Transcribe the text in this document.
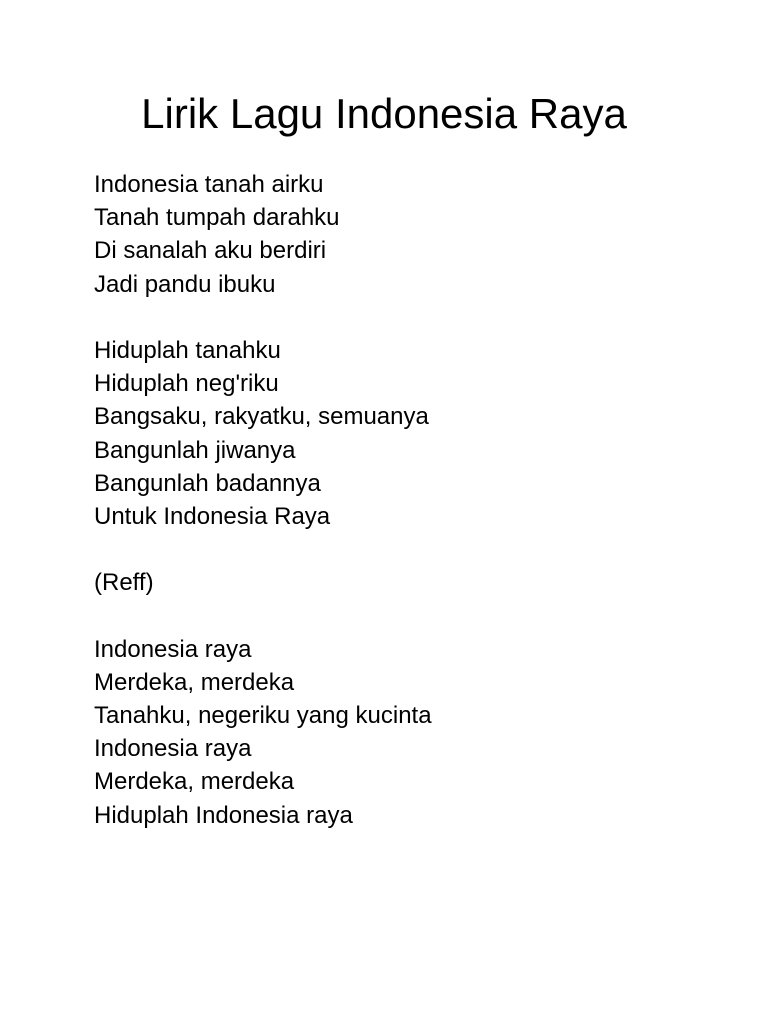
Lirik Lagu Indonesia Raya
Indonesia tanah airku
Tanah tumpah darahku
Di sanalah aku berdiri
Jadi pandu ibuku
Hiduplah tanahku
Hiduplah neg'riku
Bangsaku, rakyatku, semuanya
Bangunlah jiwanya
Bangunlah badannya
Untuk Indonesia Raya
(Reff)
Indonesia raya
Merdeka, merdeka
Tanahku, negeriku yang kucinta
Indonesia raya
Merdeka, merdeka
Hiduplah Indonesia raya
